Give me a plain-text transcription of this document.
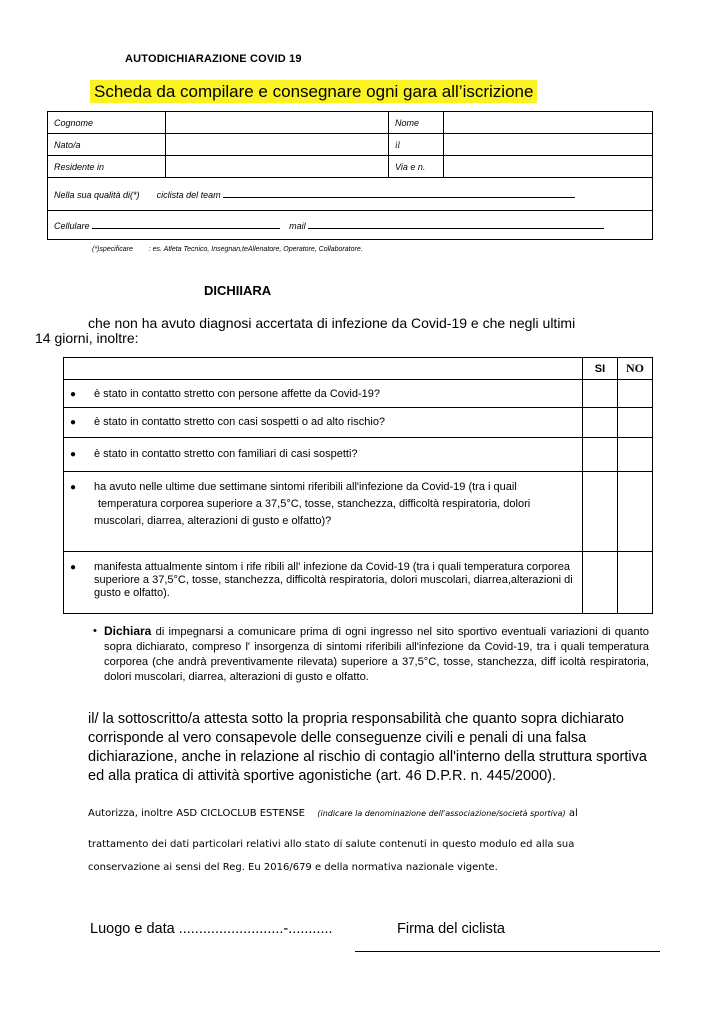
AUTODICHIARAZIONE COVID 19
Scheda da compilare e consegnare ogni gara all’iscrizione
Cognome		Nome	
Nato/a		il	
Residente in		Via e n.	
Nella sua qualità di(*) ciclista del team			
Cellulare mail			
(*)specificare : es. Atleta Tecnico, Insegnan,teAllenatore, Operatore, Collaboratore.
DICHIIARA
che non ha avuto diagnosi accertata di infezione da Covid-19 e che negli ultimi
14 giorni, inoltre:
	SI	NO

● è stato in contatto stretto con persone affette da Covid-19?		

● è stato in contatto stretto con casi sospetti o ad alto rischio?		

● è stato in contatto stretto con familiari di casi sospetti?		

● ha avuto nelle ultime due settimane sintomi riferibili all'infezione da Covid-19 (tra i quail

temperatura corporea superiore a 37,5°C, tosse, stanchezza, difficoltà respiratoria, dolori
muscolari, diarrea, alterazioni di gusto e olfatto)?		

● manifesta attualmente sintom i rife ribili all' infezione da Covid-19 (tra i quali temperatura corporea superiore a 37,5°C, tosse, stanchezza, difficoltà respiratoria, dolori muscolari, diarrea,alterazioni di gusto e olfatto).		

• Dichiara di impegnarsi a comunicare prima di ogni ingresso nel sito sportivo eventuali variazioni di quanto sopra dichiarato, compreso l' insorgenza di sintomi riferibili all'infezione da Covid-19, tra i quali temperatura corporea (che andrà preventivamente rilevata) superiore a 37,5°C, tosse, stanchezza, diff icoltà respiratoria, dolori muscolari, diarrea, alterazioni di gusto e olfatto.
il/ la sottoscritto/a attesta sotto la propria responsabilità che quanto sopra dichiarato corrisponde al vero consapevole delle conseguenze civili e penali di una falsa dichiarazione, anche in relazione al rischio di contagio all'interno della struttura sportiva ed alla pratica di attività sportive agonistiche (art. 46 D.P.R. n. 445/2000).
Autorizza, inoltre ASD CICLOCLUB ESTENSE (indicare la denominazione dell'associazione/società sportiva) al
trattamento dei dati particolari relativi allo stato di salute contenuti in questo modulo ed alla sua
conservazione ai sensi del Reg. Eu 2016/679 e della normativa nazionale vigente.
Luogo e data ..........................-...........	Firma del ciclista
